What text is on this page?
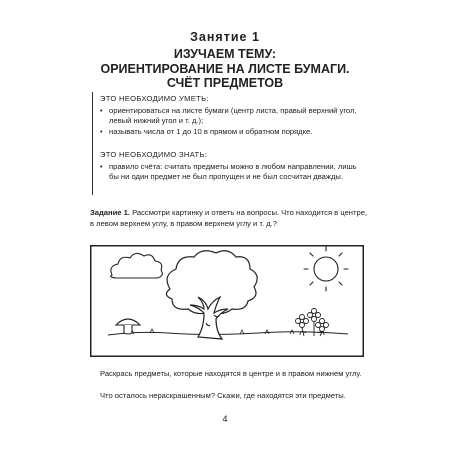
Занятие 1
ИЗУЧАЕМ ТЕМУ:
ОРИЕНТИРОВАНИЕ НА ЛИСТЕ БУМАГИ.
СЧЁТ ПРЕДМЕТОВ
ЭТО НЕОБХОДИМО УМЕТЬ:
• ориентироваться на листе бумаги (центр листа, правый верхний угол, левый нижний угол и т. д.);
• называть числа от 1 до 10 в прямом и обратном порядке.
ЭТО НЕОБХОДИМО ЗНАТЬ:
• правило счёта: считать предметы можно в любом направлении, лишь бы ни один предмет не был пропущен и не был сосчитан дважды.
Задание 1. Рассмотри картинку и ответь на вопросы. Что находится в центре, в левом верхнем углу, в правом верхнем углу и т. д.?
Раскрась предметы, которые находятся в центре и в правом нижнем углу.
Что осталось нераскрашенным? Скажи, где находятся эти предметы.
4
